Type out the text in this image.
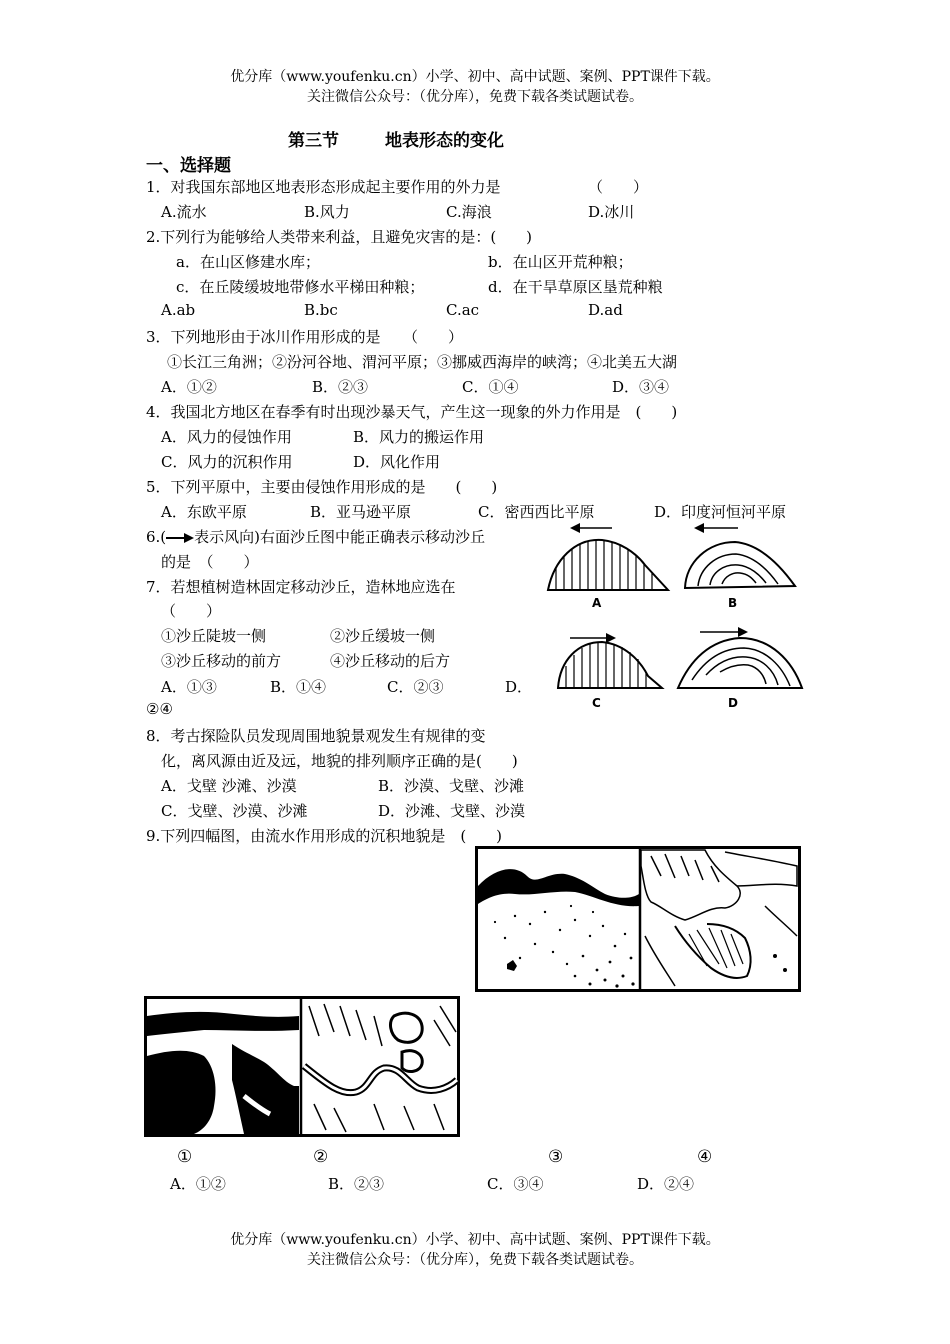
优分库（www.youfenku.cn）小学、初中、高中试题、案例、PPT课件下载。
关注微信公众号：（优分库），免费下载各类试题试卷。
第三节	地表形态的变化
一、选择题
1．对我国东部地区地表形态形成起主要作用的外力是	（　　）
A.流水	B.风力	C.海浪	D.冰川
2.下列行为能够给人类带来利益，且避免灾害的是：(　　)
a．在山区修建水库；	b．在山区开荒种粮；
c．在丘陵缓坡地带修水平梯田种粮；	d．在干旱草原区垦荒种粮
A.ab	B.bc	C.ac	D.ad
3．下列地形由于冰川作用形成的是　　（　　）
①长江三角洲；②汾河谷地、渭河平原；③挪威西海岸的峡湾；④北美五大湖
A．①②	B．②③	C．①④	D．③④
4．我国北方地区在春季有时出现沙暴天气，产生这一现象的外力作用是　(　　)
A．风力的侵蚀作用	B．风力的搬运作用
C．风力的沉积作用	D．风化作用
5．下列平原中，主要由侵蚀作用形成的是　　(　　)
A．东欧平原	B．亚马逊平原	C．密西西比平原	D．印度河恒河平原
6.( 表示风向)右面沙丘图中能正确表示移动沙丘
的是　（　　）
7．若想植树造林固定移动沙丘，造林地应选在
（　　）
①沙丘陡坡一侧	②沙丘缓坡一侧
③沙丘移动的前方	④沙丘移动的后方
A．①③	B．①④	C．②③	D．
②④
A	B
C	D
8．考古探险队员发现周围地貌景观发生有规律的变
化，离风源由近及远，地貌的排列顺序正确的是(　　)
A．戈壁 沙滩、沙漠	B．沙漠、戈壁、沙滩
C．戈壁、沙漠、沙滩	D．沙滩、戈壁、沙漠
9.下列四幅图，由流水作用形成的沉积地貌是　(　　)
①	②	③	④
A．①②	B．②③	C．③④	D．②④
优分库（www.youfenku.cn）小学、初中、高中试题、案例、PPT课件下载。
关注微信公众号：（优分库），免费下载各类试题试卷。
